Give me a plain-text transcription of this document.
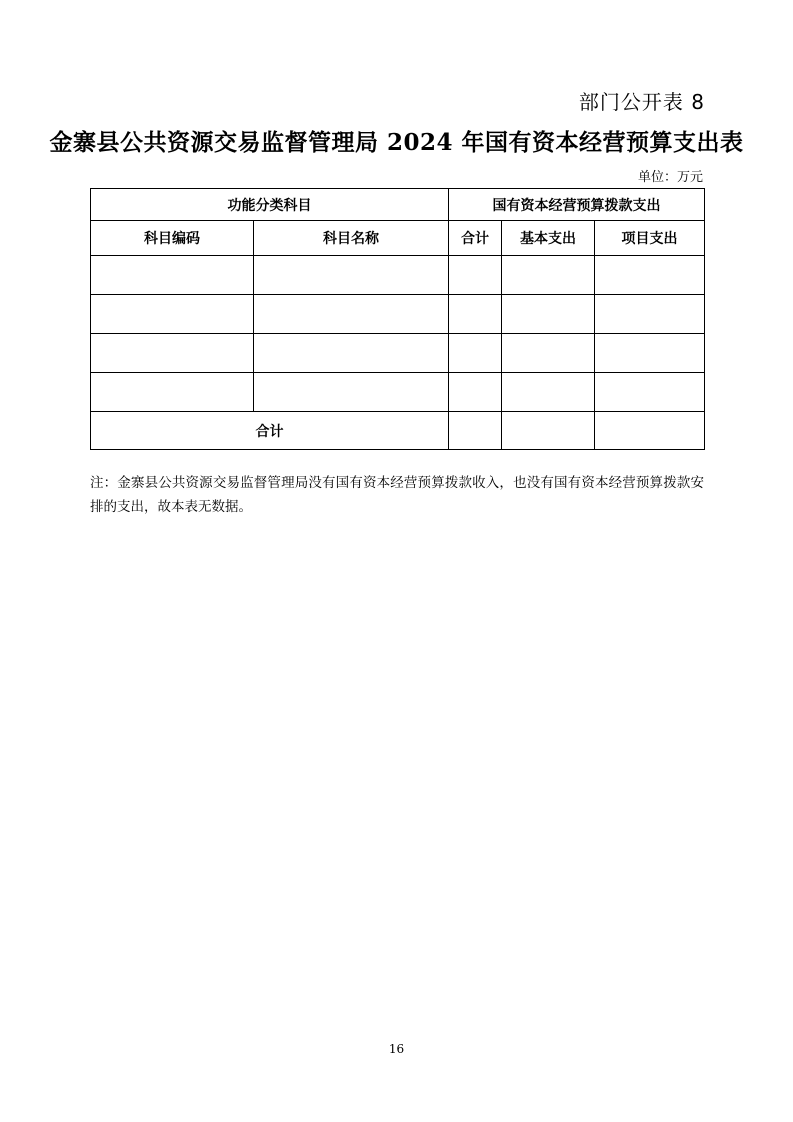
部门公开表 8
金寨县公共资源交易监督管理局 2024 年国有资本经营预算支出表
单位：万元
功能分类科目		国有资本经营预算拨款支出		
科目编码	科目名称	合计	基本支出	项目支出

合计				
注：金寨县公共资源交易监督管理局没有国有资本经营预算拨款收入，也没有国有资本经营预算拨款安排的支出，故本表无数据。
16
